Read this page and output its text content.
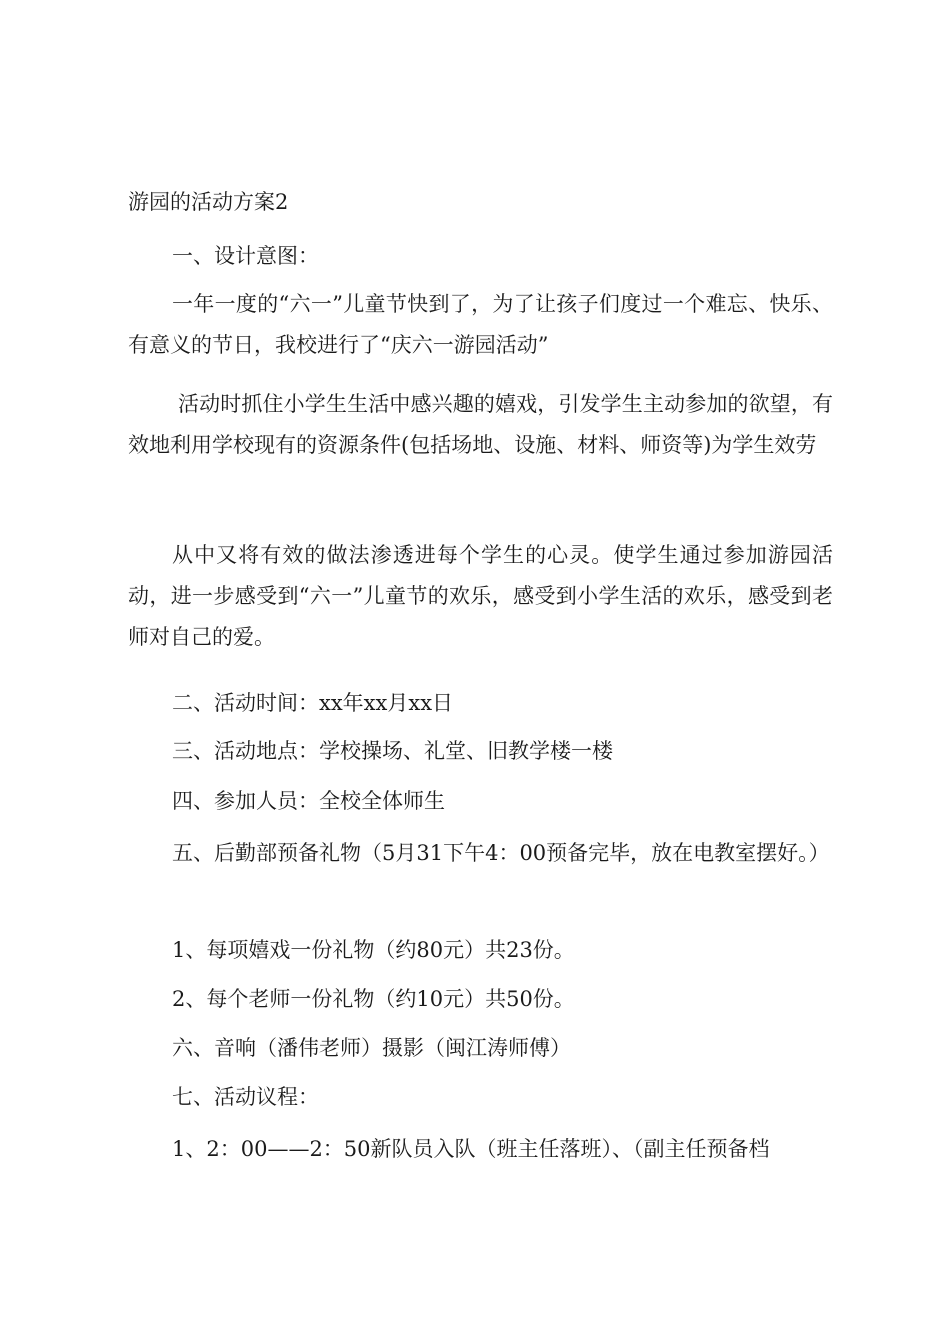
游园的活动方案2
一、设计意图：
一年一度的“六一”儿童节快到了，为了让孩子们度过一个难忘、快乐、有意义的节日，我校进行了“庆六一游园活动”
活动时抓住小学生生活中感兴趣的嬉戏，引发学生主动参加的欲望，有效地利用学校现有的资源条件(包括场地、设施、材料、师资等)为学生效劳
从中又将有效的做法渗透进每个学生的心灵。使学生通过参加游园活动，进一步感受到“六一”儿童节的欢乐，感受到小学生活的欢乐，感受到老师对自己的爱。
二、活动时间：xx年xx月xx日
三、活动地点：学校操场、礼堂、旧教学楼一楼
四、参加人员：全校全体师生
五、后勤部预备礼物（5月31下午4：00预备完毕，放在电教室摆好。）
1、每项嬉戏一份礼物（约80元）共23份。
2、每个老师一份礼物（约10元）共50份。
六、音响（潘伟老师）摄影（闽江涛师傅）
七、活动议程：
1、2：00——2：50新队员入队（班主任落班）、（副主任预备档
